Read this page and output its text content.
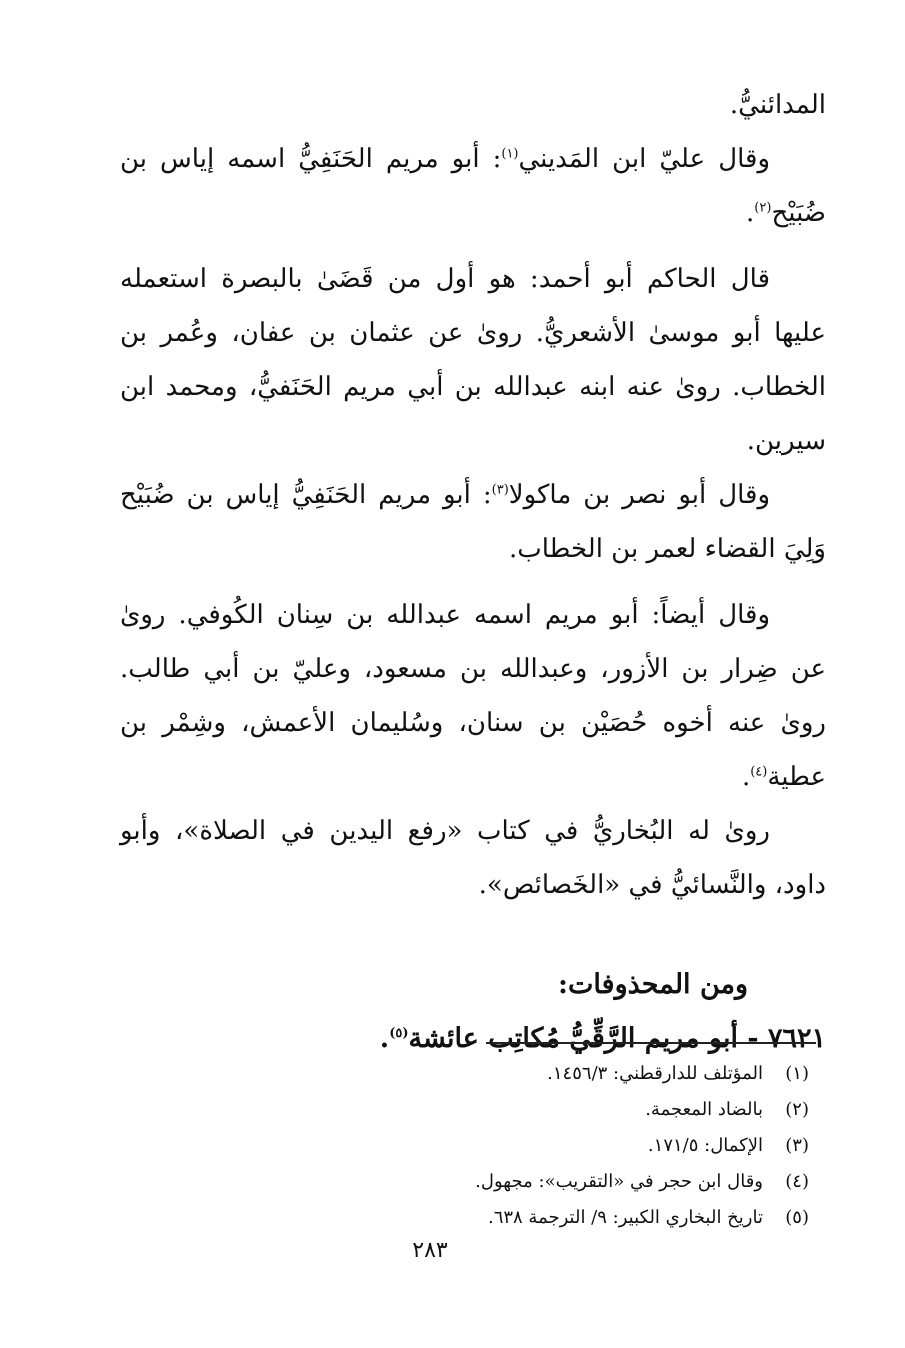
المدائنيُّ.

وقال عليّ ابن المَديني$^{(١)}$: أبو مريم الحَنَفِيُّ اسمه إياس بن ضُبَيْح$^{(٢)}$.

قال الحاكم أبو أحمد: هو أول من قَضَىٰ بالبصرة استعمله عليها أبو موسىٰ الأشعريُّ. روىٰ عن عثمان بن عفان، وعُمر بن الخطاب. روىٰ عنه ابنه عبدالله بن أبي مريم الحَنَفيُّ، ومحمد ابن سيرين.

وقال أبو نصر بن ماكولا$^{(٣)}$: أبو مريم الحَنَفِيُّ إياس بن ضُبَيْح وَلِيَ القضاء لعمر بن الخطاب.

وقال أيضاً: أبو مريم اسمه عبدالله بن سِنان الكُوفي. روىٰ عن ضِرار بن الأزور، وعبدالله بن مسعود، وعليّ بن أبي طالب. روىٰ عنه أخوه حُصَيْن بن سنان، وسُليمان الأعمش، وشِمْر بن عطية$^{(٤)}$.

روىٰ له البُخاريُّ في كتاب «رفع اليدين في الصلاة»، وأبو داود، والنَّسائيُّ في «الخَصائص».

ومن المحذوفات:

٧٦٢١ - أبو مريم الرَّقِّيُّ مُكاتِب عائشة$^{(٥)}$.

(١)
المؤتلف للدارقطني: ١٤٥٦/٣.
(٢)
بالضاد المعجمة.
(٣)
الإكمال: ١٧١/٥.
(٤)
وقال ابن حجر في «التقريب»: مجهول.
(٥)
تاريخ البخاري الكبير: ٩/ الترجمة ٦٣٨.
٢٨٣
